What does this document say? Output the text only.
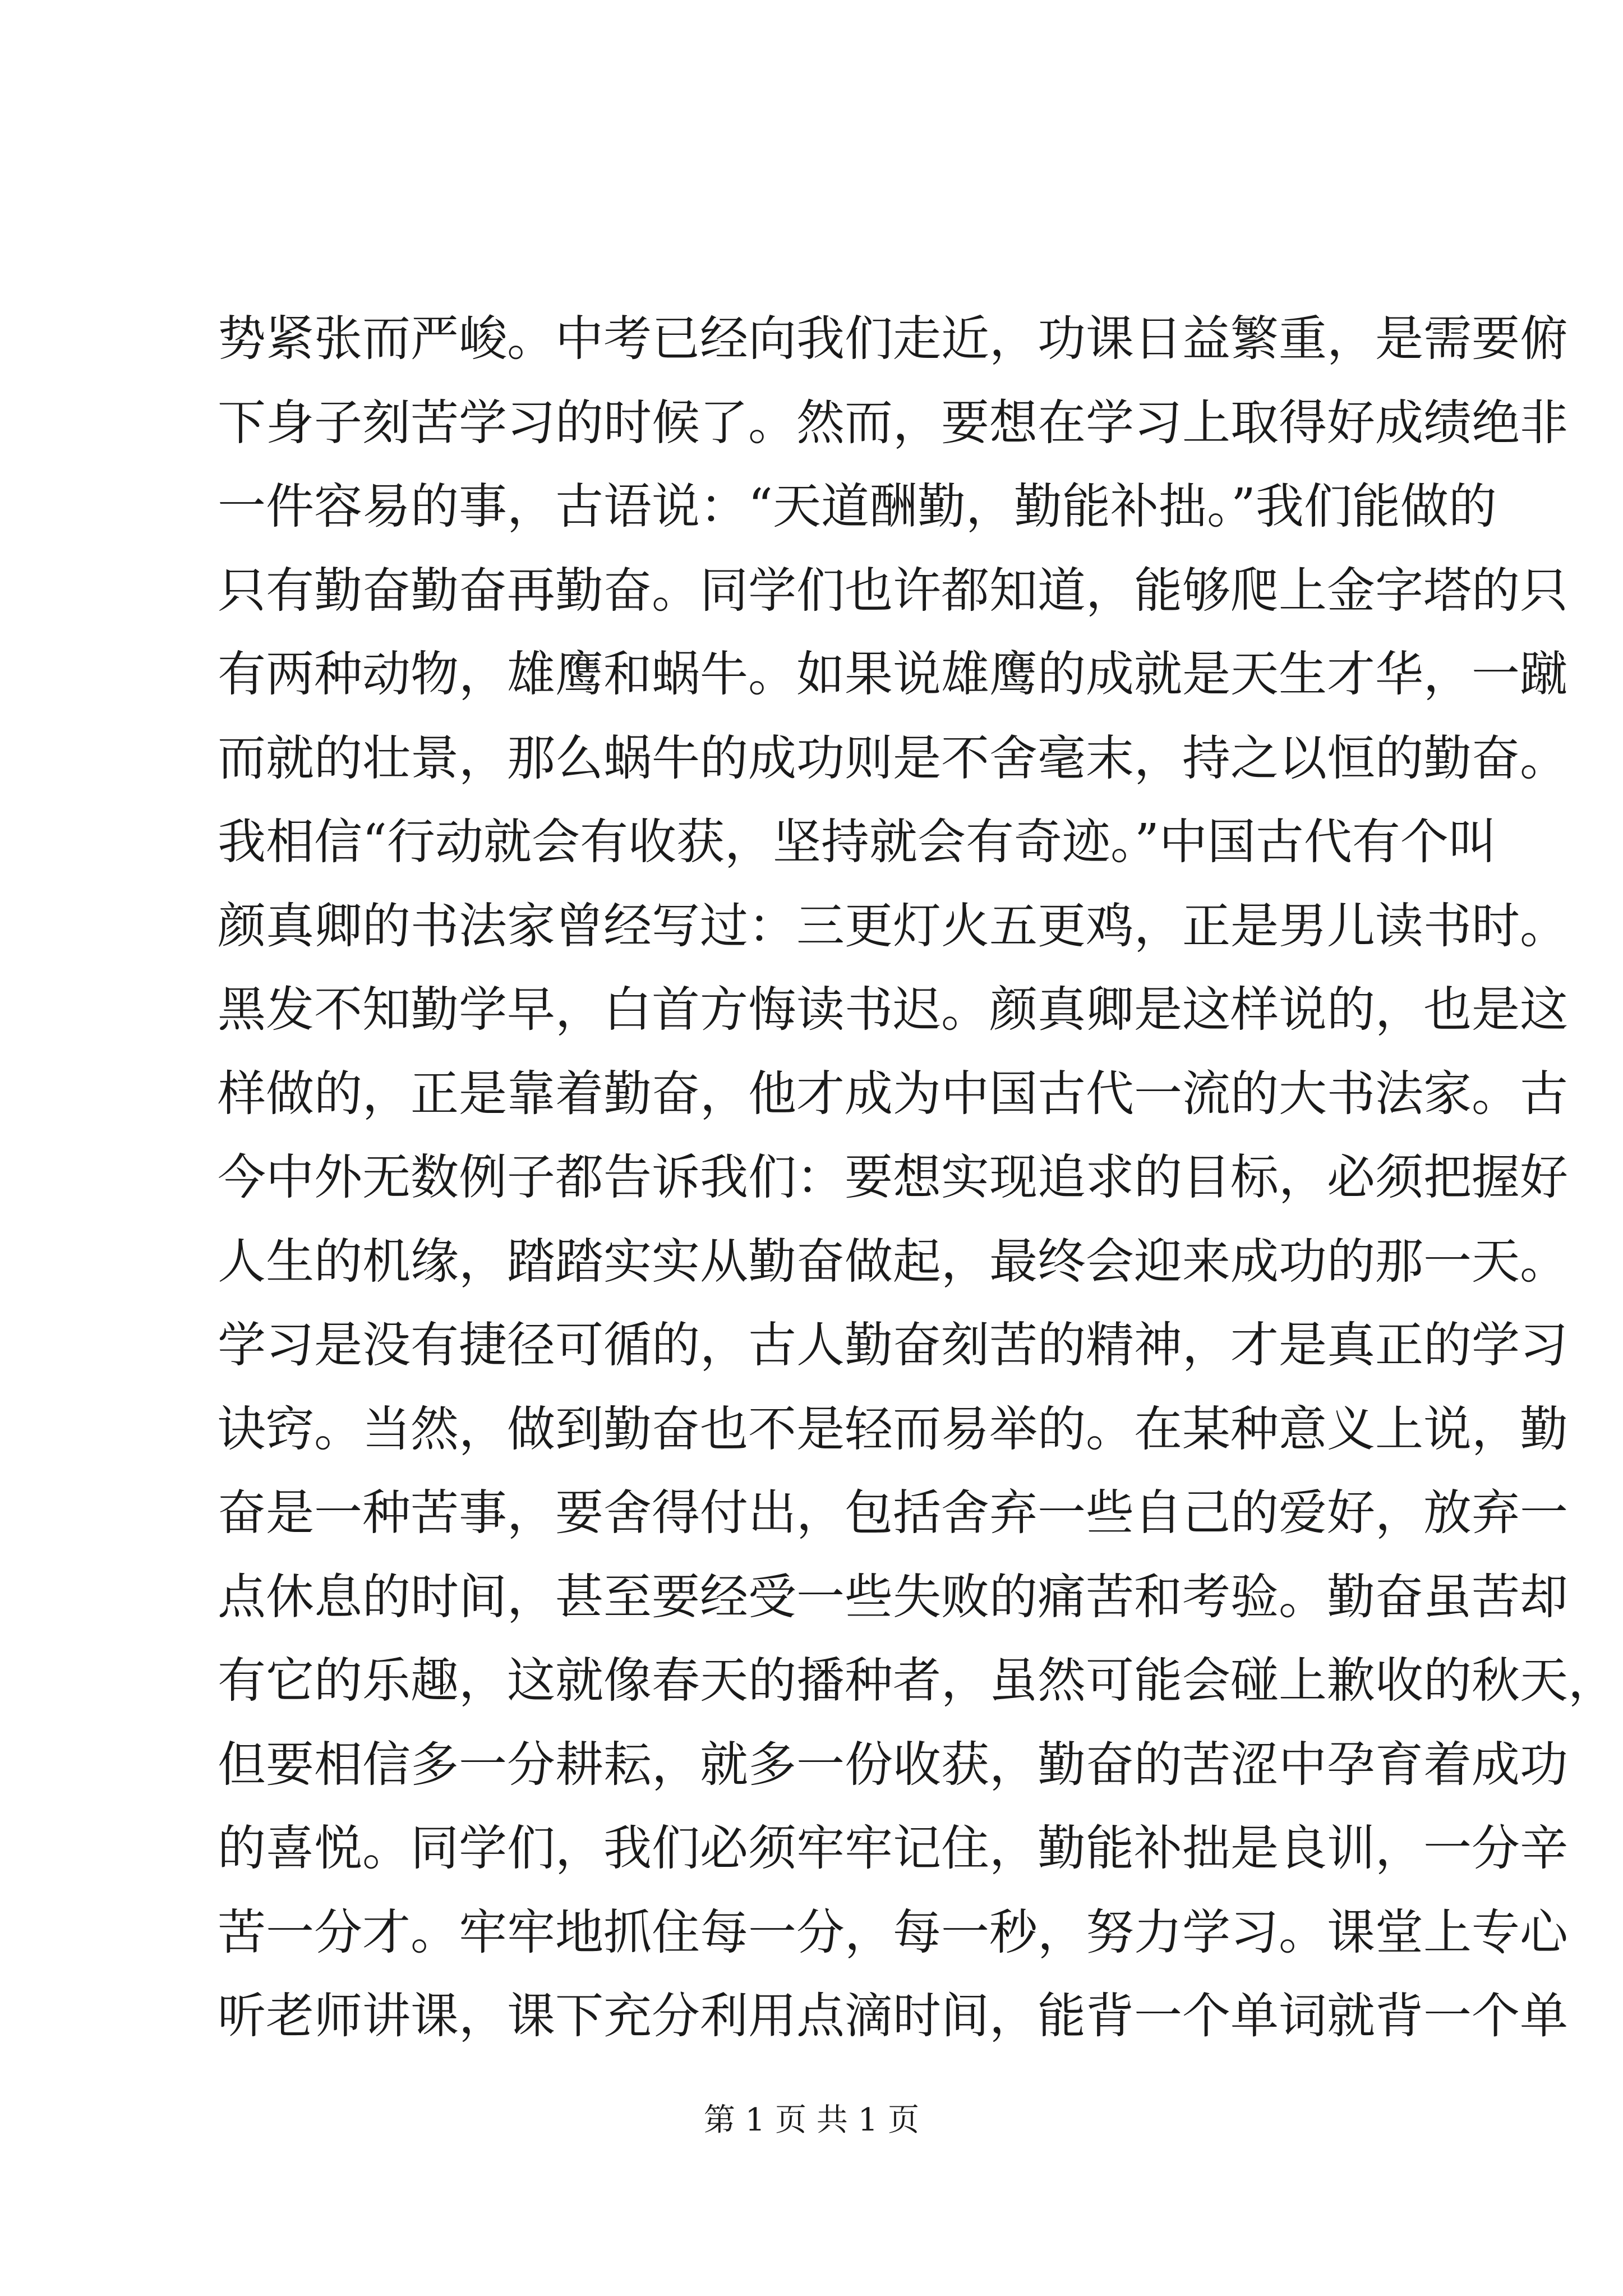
势紧张而严峻。中考已经向我们走近，功课日益繁重，是需要俯
下身子刻苦学习的时候了。然而，要想在学习上取得好成绩绝非
一件容易的事，古语说：“天道酬勤，勤能补拙。”我们能做的
只有勤奋勤奋再勤奋。同学们也许都知道，能够爬上金字塔的只
有两种动物，雄鹰和蜗牛。如果说雄鹰的成就是天生才华，一蹴
而就的壮景，那么蜗牛的成功则是不舍毫末，持之以恒的勤奋。
我相信“行动就会有收获，坚持就会有奇迹。”中国古代有个叫
颜真卿的书法家曾经写过：三更灯火五更鸡，正是男儿读书时。
黑发不知勤学早，白首方悔读书迟。颜真卿是这样说的，也是这
样做的，正是靠着勤奋，他才成为中国古代一流的大书法家。古
今中外无数例子都告诉我们：要想实现追求的目标，必须把握好
人生的机缘，踏踏实实从勤奋做起，最终会迎来成功的那一天。
学习是没有捷径可循的，古人勤奋刻苦的精神，才是真正的学习
诀窍。当然，做到勤奋也不是轻而易举的。在某种意义上说，勤
奋是一种苦事，要舍得付出，包括舍弃一些自己的爱好，放弃一
点休息的时间，甚至要经受一些失败的痛苦和考验。勤奋虽苦却
有它的乐趣，这就像春天的播种者，虽然可能会碰上歉收的秋天，
但要相信多一分耕耘，就多一份收获，勤奋的苦涩中孕育着成功
的喜悦。同学们，我们必须牢牢记住，勤能补拙是良训，一分辛
苦一分才。牢牢地抓住每一分，每一秒，努力学习。课堂上专心
听老师讲课，课下充分利用点滴时间，能背一个单词就背一个单
第 1 页 共 1 页
